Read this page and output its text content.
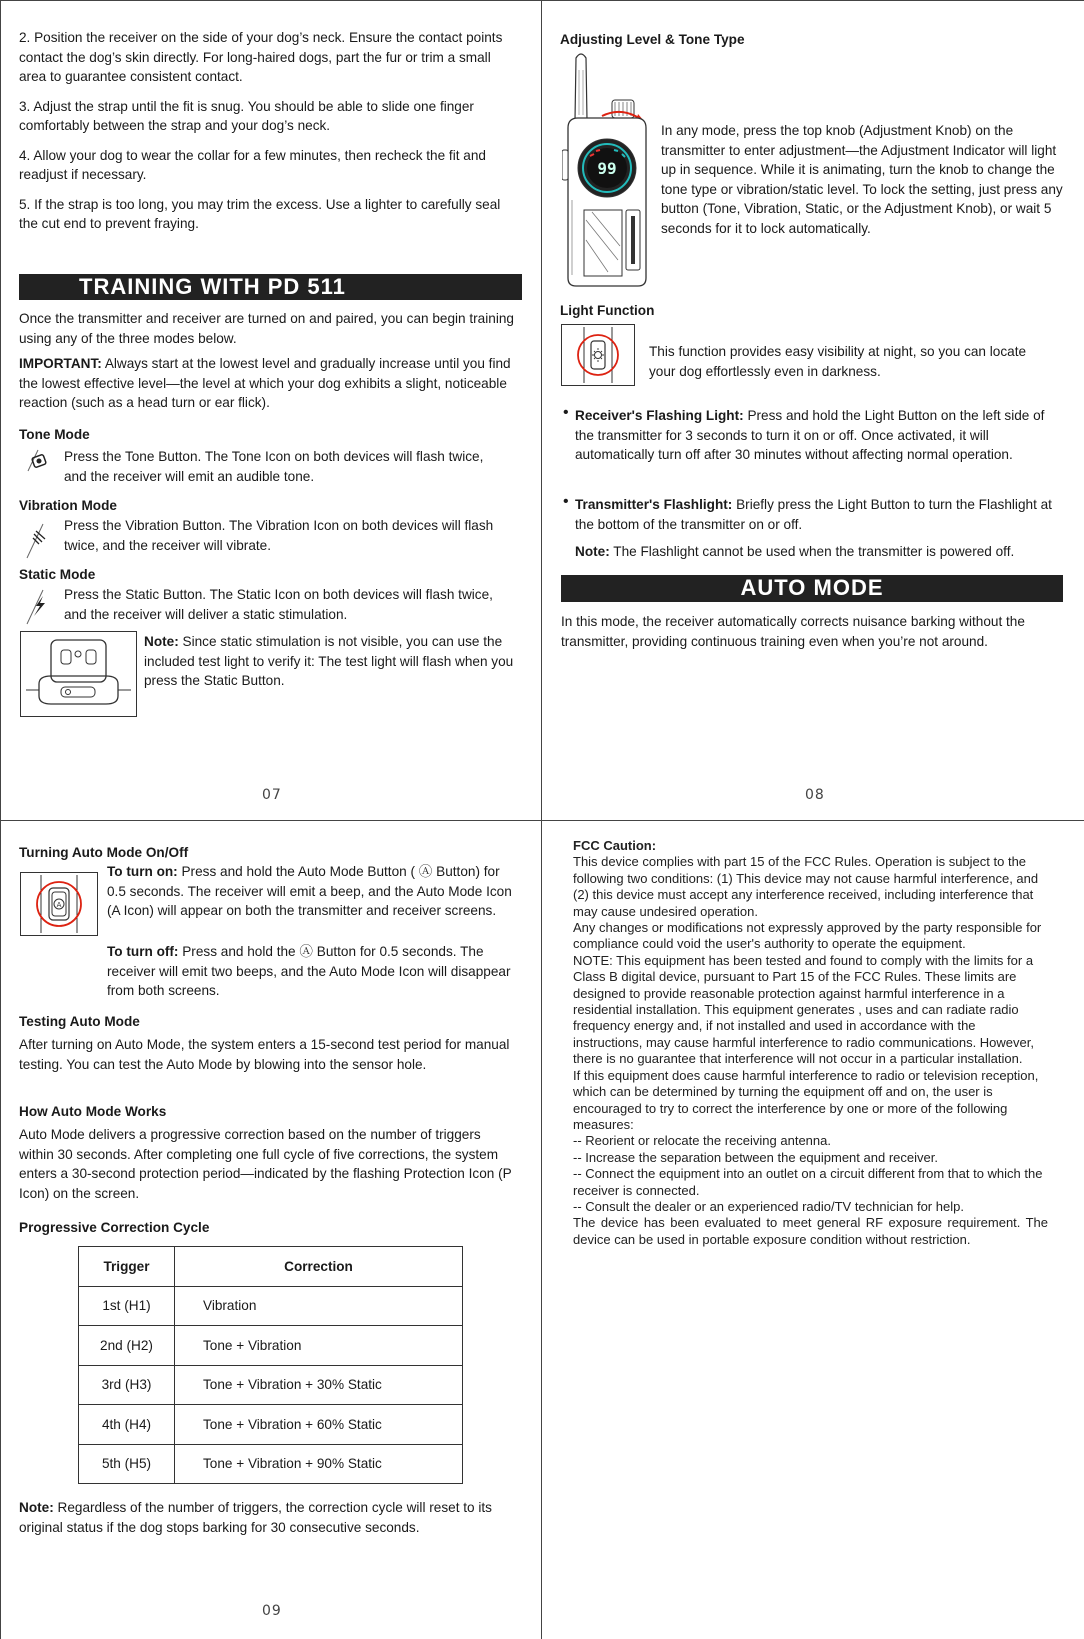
2. Position the receiver on the side of your dog’s neck. Ensure the contact points contact the dog’s skin directly. For long-haired dogs, part the fur or trim a small area to guarantee consistent contact.

3. Adjust the strap until the fit is snug. You should be able to slide one finger comfortably between the strap and your dog’s neck.

4. Allow your dog to wear the collar for a few minutes, then recheck the fit and readjust if necessary.

5. If the strap is too long, you may trim the excess. Use a lighter to carefully seal the cut end to prevent fraying.

TRAINING WITH PD 511

Once the transmitter and receiver are turned on and paired, you can begin training using any of the three modes below.

IMPORTANT: Always start at the lowest level and gradually increase until you find the lowest effective level—the level at which your dog exhibits a slight, noticeable reaction (such as a head turn or ear flick).

Tone Mode

Press the Tone Button. The Tone Icon on both devices will flash twice, and the receiver will emit an audible tone.

Vibration Mode

Press the Vibration Button. The Vibration Icon on both devices will flash twice, and the receiver will vibrate.

Static Mode

Press the Static Button. The Static Icon on both devices will flash twice, and the receiver will deliver a static stimulation.

Note: Since static stimulation is not visible, you can use the included test light to verify it: The test light will flash when you press the Static Button.

07
Adjusting Level & Tone Type
99

In any mode, press the top knob (Adjustment Knob) on the transmitter to enter adjustment—the Adjustment Indicator will light up in sequence. While it is animating, turn the knob to change the tone type or vibration/static level. To lock the setting, just press any button (Tone, Vibration, Static, or the Adjustment Knob), or wait 5 seconds for it to lock automatically.

Light Function

This function provides easy visibility at night, so you can locate your dog effortlessly even in darkness.

• Receiver's Flashing Light: Press and hold the Light Button on the left side of the transmitter for 3 seconds to turn it on or off. Once activated, it will automatically turn off after 30 minutes without affecting normal operation.

• Transmitter's Flashlight: Briefly press the Light Button to turn the Flashlight at the bottom of the transmitter on or off.

Note: The Flashlight cannot be used when the transmitter is powered off.

AUTO MODE

In this mode, the receiver automatically corrects nuisance barking without the transmitter, providing continuous training even when you’re not around.

08
Turning Auto Mode On/Off
A

To turn on: Press and hold the Auto Mode Button ( Ⓐ Button) for 0.5 seconds. The receiver will emit a beep, and the Auto Mode Icon (A Icon) will appear on both the transmitter and receiver screens.

To turn off: Press and hold the Ⓐ Button for 0.5 seconds. The receiver will emit two beeps, and the Auto Mode Icon will disappear from both screens.

Testing Auto Mode

After turning on Auto Mode, the system enters a 15-second test period for manual testing. You can test the Auto Mode by blowing into the sensor hole.

How Auto Mode Works

Auto Mode delivers a progressive correction based on the number of triggers within 30 seconds. After completing one full cycle of five corrections, the system enters a 30-second protection period—indicated by the flashing Protection Icon (P Icon) on the screen.

Progressive Correction Cycle
Trigger	Correction
1st (H1)	Vibration
2nd (H2)	Tone + Vibration
3rd (H3)	Tone + Vibration + 30% Static
4th (H4)	Tone + Vibration + 60% Static
5th (H5)	Tone + Vibration + 90% Static

Note: Regardless of the number of triggers, the correction cycle will reset to its original status if the dog stops barking for 30 consecutive seconds.

09

FCC Caution:

This device complies with part 15 of the FCC Rules. Operation is subject to the following two conditions: (1) This device may not cause harmful interference, and (2) this device must accept any interference received, including interference that may cause undesired operation.

Any changes or modifications not expressly approved by the party responsible for compliance could void the user's authority to operate the equipment.

NOTE: This equipment has been tested and found to comply with the limits for a Class B digital device, pursuant to Part 15 of the FCC Rules. These limits are designed to provide reasonable protection against harmful interference in a residential installation. This equipment generates , uses and can radiate radio frequency energy and, if not installed and used in accordance with the instructions, may cause harmful interference to radio communications. However, there is no guarantee that interference will not occur in a particular installation.

If this equipment does cause harmful interference to radio or television reception,

which can be determined by turning the equipment off and on, the user is encouraged to try to correct the interference by one or more of the following measures:

-- Reorient or relocate the receiving antenna.

-- Increase the separation between the equipment and receiver.

-- Connect the equipment into an outlet on a circuit different from that to which the receiver is connected.

-- Consult the dealer or an experienced radio/TV technician for help.

The device has been evaluated to meet general RF exposure requirement. The device can be used in portable exposure condition without restriction.
